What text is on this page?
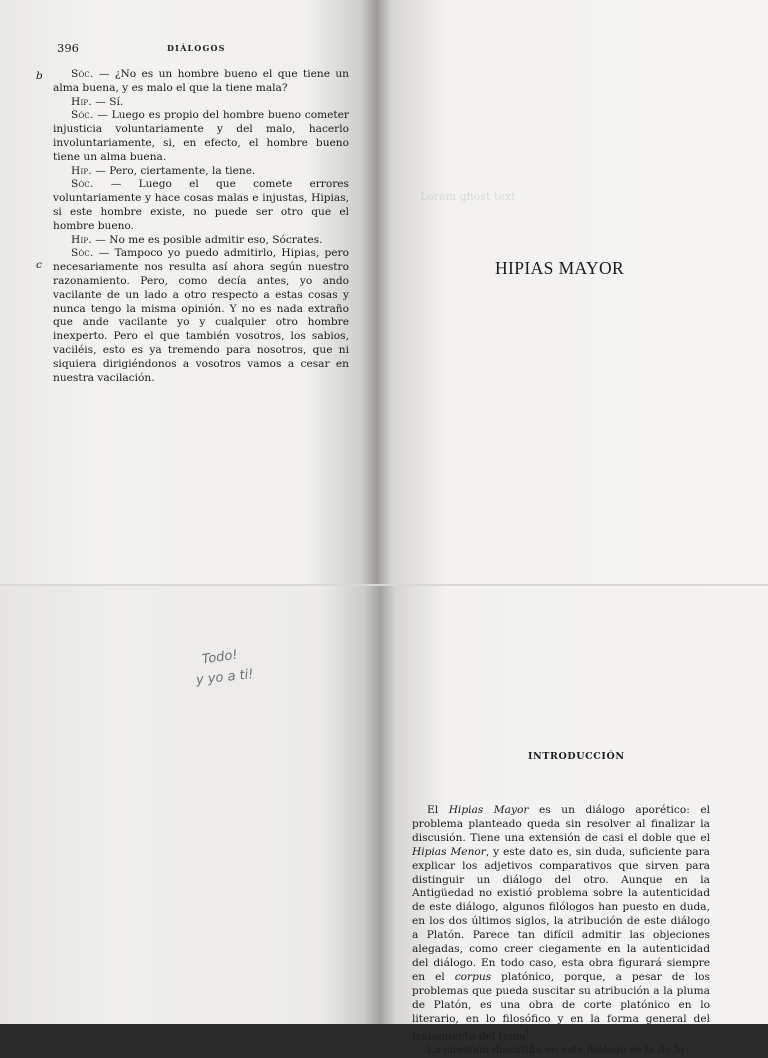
Lorem ghost text
396	DIÁLOGOS
b
c

Sóc. — ¿No es un hombre bueno el que tiene un alma buena, y es malo el que la tiene mala?

Hip. — Sí.

Sóc. — Luego es propio del hombre bueno cometer injusticia voluntariamente y del malo, hacerlo involuntariamente, si, en efecto, el hombre bueno tiene un alma buena.

Hip. — Pero, ciertamente, la tiene.

Sóc. — Luego el que comete errores voluntariamente y hace cosas malas e injustas, Hipias, si este hombre existe, no puede ser otro que el hombre bueno.

Hip. — No me es posible admitir eso, Sócrates.

Sóc. — Tampoco yo puedo admitirlo, Hipias, pero necesariamente nos resulta así ahora según nuestro razonamiento. Pero, como decía antes, yo ando vacilante de un lado a otro respecto a estas cosas y nunca tengo la misma opinión. Y no es nada extraño que ande vacilante yo y cualquier otro hombre inexperto. Pero el que también vosotros, los sabios, vaciléis, esto es ya tremendo para nosotros, que ni siquiera dirigiéndonos a vosotros vamos a cesar en nuestra vacilación.

HIPIAS MAYOR
Todo!
y yo a ti!
INTRODUCCIÓN

El Hipias Mayor es un diálogo aporético: el problema planteado queda sin resolver al finalizar la discusión. Tiene una extensión de casi el doble que el Hipias Menor, y este dato es, sin duda, suficiente para explicar los adjetivos comparativos que sirven para distinguir un diálogo del otro. Aunque en la Antigüedad no existió problema sobre la autenticidad de este diálogo, algunos filólogos han puesto en duda, en los dos últimos siglos, la atribución de este diálogo a Platón. Parece tan difícil admitir las objeciones alegadas, como creer ciegamente en la autenticidad del diálogo. En todo caso, esta obra figurará siempre en el corpus platónico, porque, a pesar de los problemas que pueda suscitar su atribución a la pluma de Platón, es una obra de corte platónico en lo literario, en lo filosófico y en la forma general del tratamiento del tema$^1$.

La cuestión discutida en este diálogo es la de lo
